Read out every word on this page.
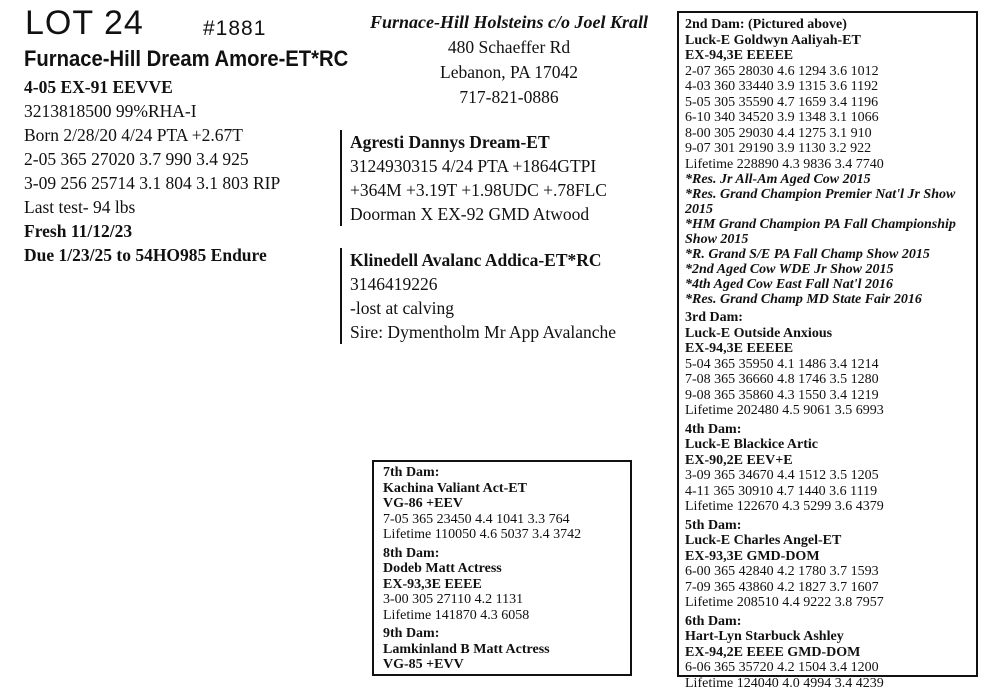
LOT 24	#1881
Furnace-Hill Dream Amore-ET*RC
4-05 EX-91 EEVVE
3213818500 99%RHA-I
Born 2/28/20 4/24 PTA +2.67T
2-05 365 27020 3.7 990 3.4 925
3-09 256 25714 3.1 804 3.1 803 RIP
Last test- 94 lbs
Fresh 11/12/23
Due 1/23/25 to 54HO985 Endure
Furnace-Hill Holsteins c/o Joel Krall
480 Schaeffer Rd
Lebanon, PA 17042
717-821-0886
Agresti Dannys Dream-ET
3124930315 4/24 PTA +1864GTPI
+364M +3.19T +1.98UDC +.78FLC
Doorman X EX-92 GMD Atwood
Klinedell Avalanc Addica-ET*RC
3146419226
-lost at calving
Sire: Dymentholm Mr App Avalanche
2nd Dam: (Pictured above)
Luck-E Goldwyn Aaliyah-ET
EX-94,3E EEEEE
2-07 365 28030 4.6 1294 3.6 1012
4-03 360 33440 3.9 1315 3.6 1192
5-05 305 35590 4.7 1659 3.4 1196
6-10 340 34520 3.9 1348 3.1 1066
8-00 305 29030 4.4 1275 3.1 910
9-07 301 29190 3.9 1130 3.2 922
Lifetime 228890 4.3 9836 3.4 7740
*Res. Jr All-Am Aged Cow 2015
*Res. Grand Champion Premier Nat'l Jr Show 2015
*HM Grand Champion PA Fall Championship Show 2015
*R. Grand S/E PA Fall Champ Show 2015
*2nd Aged Cow WDE Jr Show 2015
*4th Aged Cow East Fall Nat'l 2016
*Res. Grand Champ MD State Fair 2016
3rd Dam:
Luck-E Outside Anxious
EX-94,3E EEEEE
5-04 365 35950 4.1 1486 3.4 1214
7-08 365 36660 4.8 1746 3.5 1280
9-08 365 35860 4.3 1550 3.4 1219
Lifetime 202480 4.5 9061 3.5 6993
4th Dam:
Luck-E Blackice Artic
EX-90,2E EEV+E
3-09 365 34670 4.4 1512 3.5 1205
4-11 365 30910 4.7 1440 3.6 1119
Lifetime 122670 4.3 5299 3.6 4379
5th Dam:
Luck-E Charles Angel-ET
EX-93,3E GMD-DOM
6-00 365 42840 4.2 1780 3.7 1593
7-09 365 43860 4.2 1827 3.7 1607
Lifetime 208510 4.4 9222 3.8 7957
6th Dam:
Hart-Lyn Starbuck Ashley
EX-94,2E EEEE GMD-DOM
6-06 365 35720 4.2 1504 3.4 1200
Lifetime 124040 4.0 4994 3.4 4239
7th Dam:
Kachina Valiant Act-ET
VG-86 +EEV
7-05 365 23450 4.4 1041 3.3 764
Lifetime 110050 4.6 5037 3.4 3742
8th Dam:
Dodeb Matt Actress
EX-93,3E EEEE
3-00 305 27110 4.2 1131
Lifetime 141870 4.3 6058
9th Dam:
Lamkinland B Matt Actress
VG-85 +EVV
